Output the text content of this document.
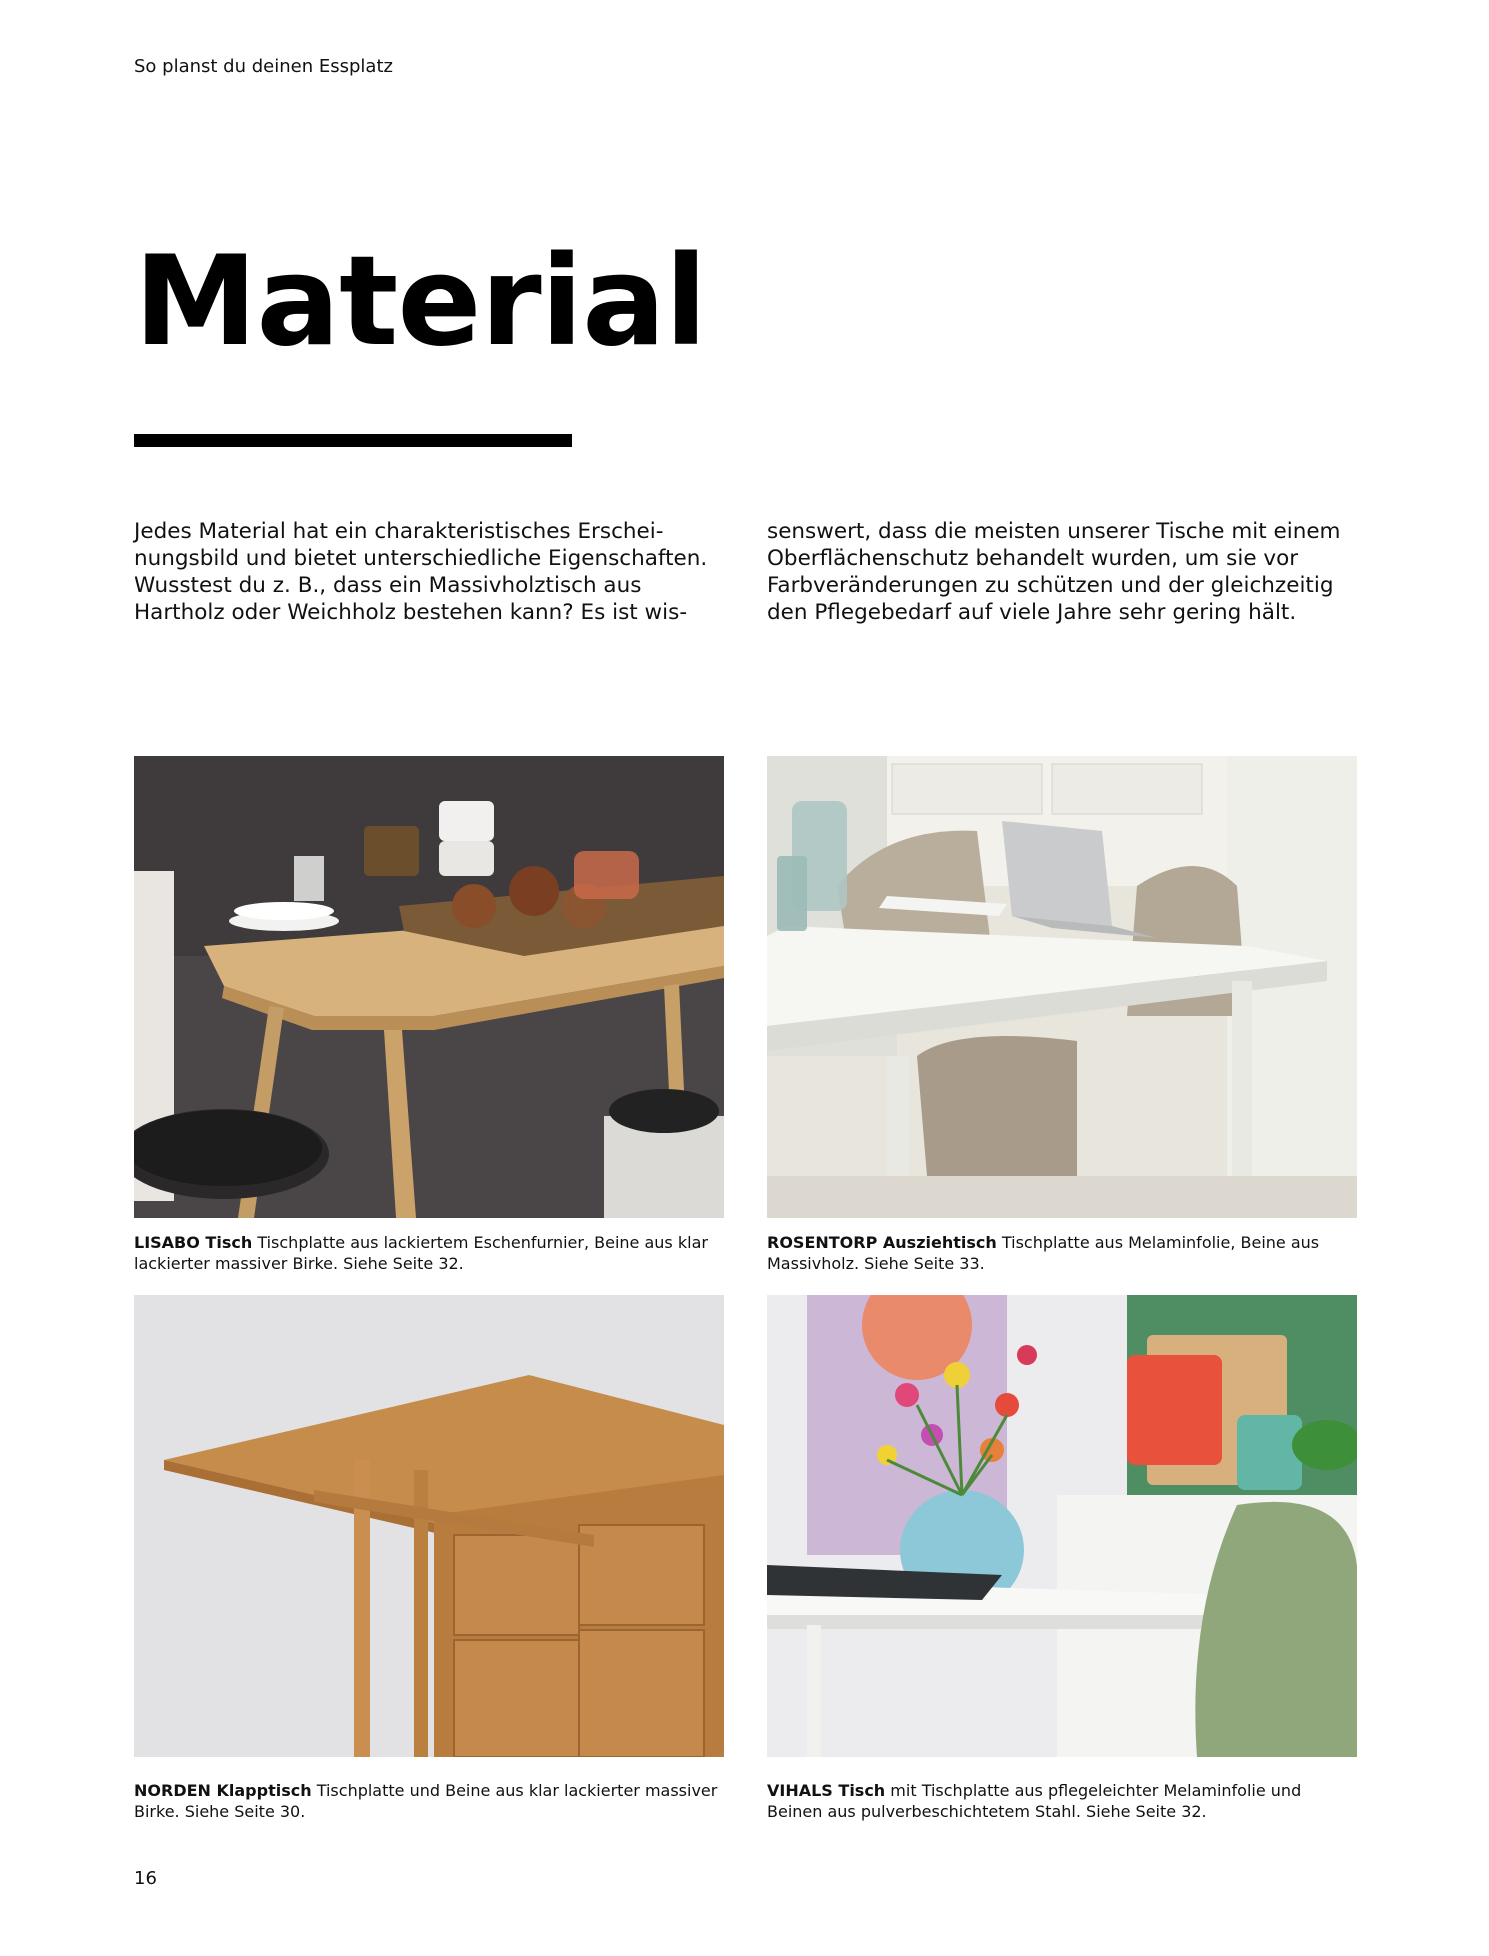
So planst du deinen Essplatz
Material
Jedes Material hat ein charakteristisches Erschei-
nungsbild und bietet unterschiedliche Eigenschaften.
Wusstest du z. B., dass ein Massivholztisch aus
Hartholz oder Weichholz bestehen kann? Es ist wis-
senswert, dass die meisten unserer Tische mit einem
Oberflächenschutz behandelt wurden, um sie vor
Farbveränderungen zu schützen und der gleichzeitig
den Pflegebedarf auf viele Jahre sehr gering hält.
LISABO Tisch Tischplatte aus lackiertem Eschenfurnier, Beine aus klar lackierter massiver Birke. Siehe Seite 32.
ROSENTORP Ausziehtisch Tischplatte aus Melaminfolie, Beine aus Massivholz. Siehe Seite 33.
NORDEN Klapptisch Tischplatte und Beine aus klar lackierter massiver Birke. Siehe Seite 30.
VIHALS Tisch mit Tischplatte aus pflegeleichter Melaminfolie und Beinen aus pulverbeschichtetem Stahl. Siehe Seite 32.
16
